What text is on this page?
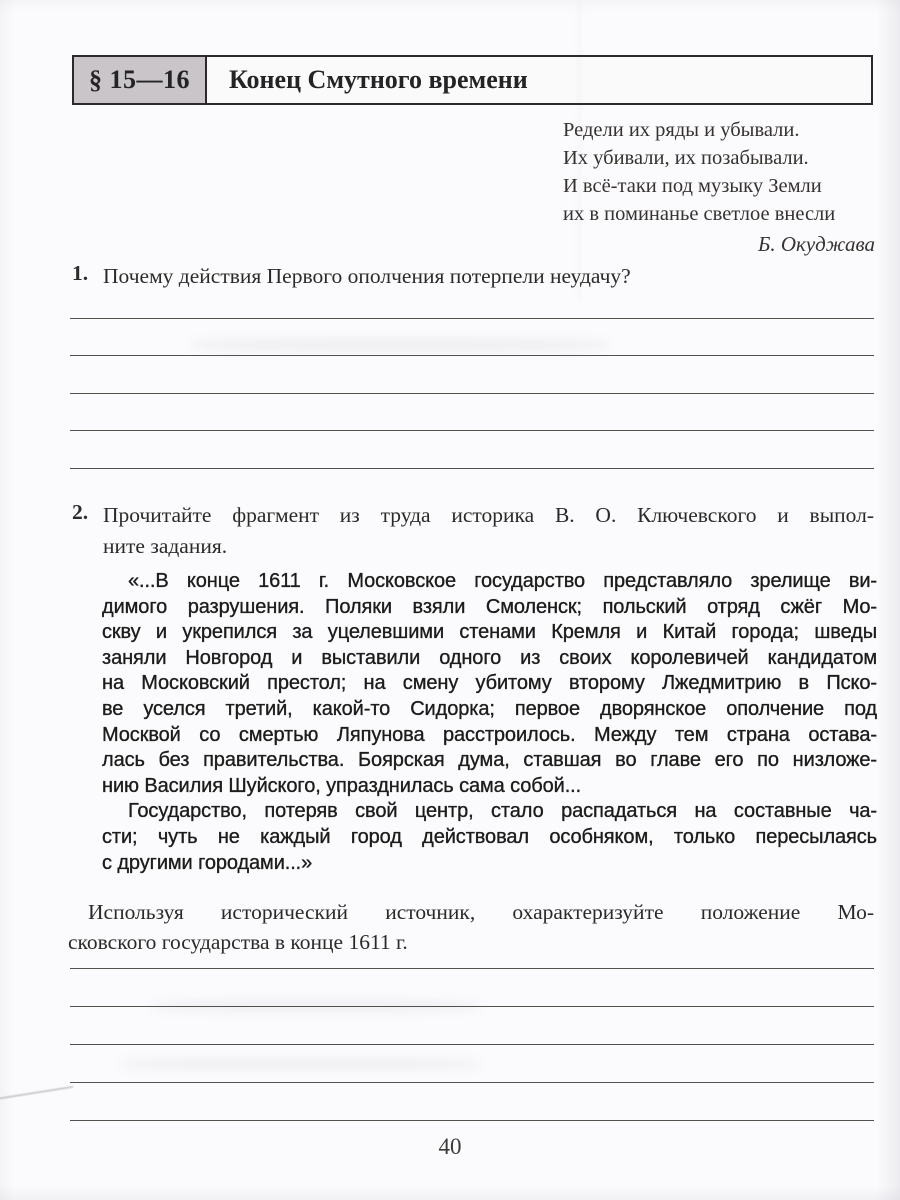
§ 15—16	Конец Смутного времени
Редели их ряды и убывали.
Их убивали, их позабывали.
И всё-таки под музыку Земли
их в поминанье светлое внесли
Б. Окуджава
1. Почему действия Первого ополчения потерпели неудачу?
2. Прочитайте фрагмент из труда историка В. О. Ключевского и выпол-
ните задания.
«...В конце 1611 г. Московское государство представляло зрелище ви-
димого разрушения. Поляки взяли Смоленск; польский отряд сжёг Мо-
скву и укрепился за уцелевшими стенами Кремля и Китай города; шведы
заняли Новгород и выставили одного из своих королевичей кандидатом
на Московский престол; на смену убитому второму Лжедмитрию в Пско-
ве уселся третий, какой-то Сидорка; первое дворянское ополчение под
Москвой со смертью Ляпунова расстроилось. Между тем страна остава-
лась без правительства. Боярская дума, ставшая во главе его по низложе-
нию Василия Шуйского, упразднилась сама собой...
Государство, потеряв свой центр, стало распадаться на составные ча-
сти; чуть не каждый город действовал особняком, только пересылаясь
с другими городами...»
Используя исторический источник, охарактеризуйте положение Мо-
сковского государства в конце 1611 г.
40
